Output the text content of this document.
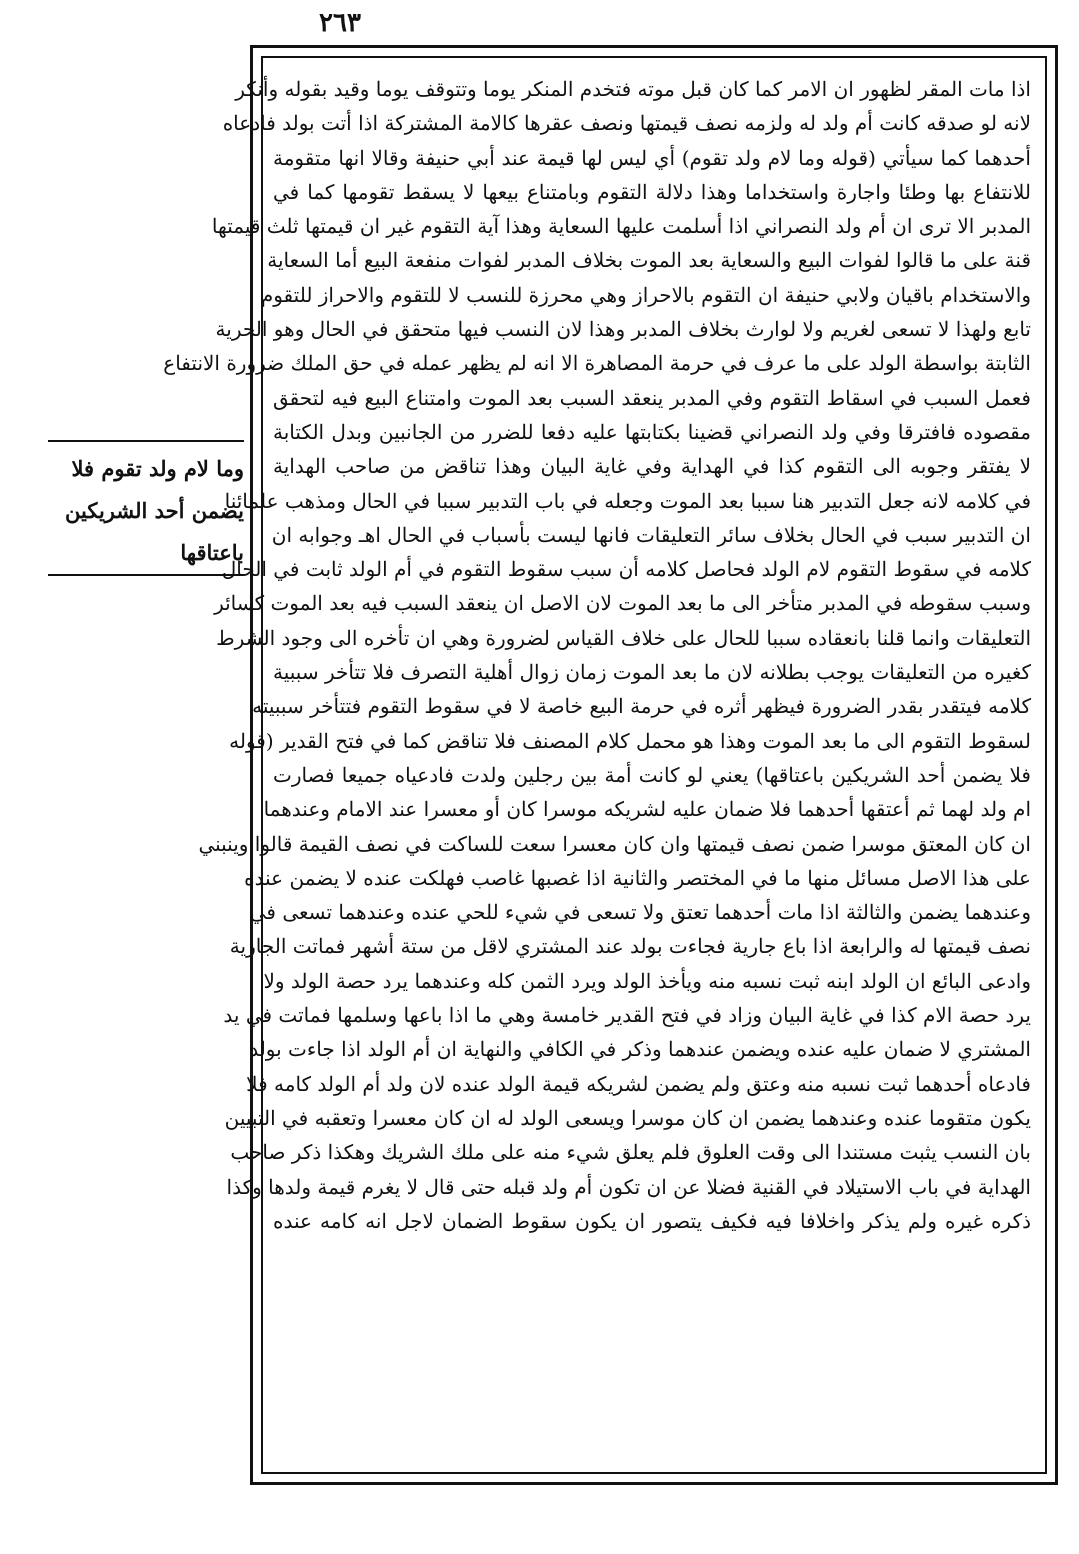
٢٦٣
وما لام ولد تقوم فلا
يضمن أحد الشريكين
باعتاقها
اذا مات المقر لظهور ان الامر كما كان قبل موته فتخدم المنكر يوما وتتوقف يوما وقيد بقوله وأنكر
لانه لو صدقه كانت أم ولد له ولزمه نصف قيمتها ونصف عقرها كالامة المشتركة اذا أتت بولد فادعاه
أحدهما كما سيأتي (قوله وما لام ولد تقوم) أي ليس لها قيمة عند أبي حنيفة وقالا انها متقومة
للانتفاع بها وطئا واجارة واستخداما وهذا دلالة التقوم وبامتناع بيعها لا يسقط تقومها كما في
المدبر الا ترى ان أم ولد النصراني اذا أسلمت عليها السعاية وهذا آية التقوم غير ان قيمتها ثلث قيمتها
قنة على ما قالوا لفوات البيع والسعاية بعد الموت بخلاف المدبر لفوات منفعة البيع أما السعاية
والاستخدام باقيان ولابي حنيفة ان التقوم بالاحراز وهي محرزة للنسب لا للتقوم والاحراز للتقوم
تابع ولهذا لا تسعى لغريم ولا لوارث بخلاف المدبر وهذا لان النسب فيها متحقق في الحال وهو الحرية
الثابتة بواسطة الولد على ما عرف في حرمة المصاهرة الا انه لم يظهر عمله في حق الملك ضرورة الانتفاع
فعمل السبب في اسقاط التقوم وفي المدبر ينعقد السبب بعد الموت وامتناع البيع فيه لتحقق
مقصوده فافترقا وفي ولد النصراني قضينا بكتابتها عليه دفعا للضرر من الجانبين وبدل الكتابة
لا يفتقر وجوبه الى التقوم كذا في الهداية وفي غاية البيان وهذا تناقض من صاحب الهداية
في كلامه لانه جعل التدبير هنا سببا بعد الموت وجعله في باب التدبير سببا في الحال ومذهب علمائنا
ان التدبير سبب في الحال بخلاف سائر التعليقات فانها ليست بأسباب في الحال اهـ وجوابه ان
كلامه في سقوط التقوم لام الولد فحاصل كلامه أن سبب سقوط التقوم في أم الولد ثابت في الحال
وسبب سقوطه في المدبر متأخر الى ما بعد الموت لان الاصل ان ينعقد السبب فيه بعد الموت كسائر
التعليقات وانما قلنا بانعقاده سببا للحال على خلاف القياس لضرورة وهي ان تأخره الى وجود الشرط
كغيره من التعليقات يوجب بطلانه لان ما بعد الموت زمان زوال أهلية التصرف فلا تتأخر سببية
كلامه فيتقدر بقدر الضرورة فيظهر أثره في حرمة البيع خاصة لا في سقوط التقوم فتتأخر سببيته
لسقوط التقوم الى ما بعد الموت وهذا هو محمل كلام المصنف فلا تناقض كما في فتح القدير (قوله
فلا يضمن أحد الشريكين باعتاقها) يعني لو كانت أمة بين رجلين ولدت فادعياه جميعا فصارت
ام ولد لهما ثم أعتقها أحدهما فلا ضمان عليه لشريكه موسرا كان أو معسرا عند الامام وعندهما
ان كان المعتق موسرا ضمن نصف قيمتها وان كان معسرا سعت للساكت في نصف القيمة قالوا وينبني
على هذا الاصل مسائل منها ما في المختصر والثانية اذا غصبها غاصب فهلكت عنده لا يضمن عنده
وعندهما يضمن والثالثة اذا مات أحدهما تعتق ولا تسعى في شيء للحي عنده وعندهما تسعى في
نصف قيمتها له والرابعة اذا باع جارية فجاءت بولد عند المشتري لاقل من ستة أشهر فماتت الجارية
وادعى البائع ان الولد ابنه ثبت نسبه منه ويأخذ الولد ويرد الثمن كله وعندهما يرد حصة الولد ولا
يرد حصة الام كذا في غاية البيان وزاد في فتح القدير خامسة وهي ما اذا باعها وسلمها فماتت في يد
المشتري لا ضمان عليه عنده ويضمن عندهما وذكر في الكافي والنهاية ان أم الولد اذا جاءت بولد
فادعاه أحدهما ثبت نسبه منه وعتق ولم يضمن لشريكه قيمة الولد عنده لان ولد أم الولد كامه فلا
يكون متقوما عنده وعندهما يضمن ان كان موسرا ويسعى الولد له ان كان معسرا وتعقبه في التبيين
بان النسب يثبت مستندا الى وقت العلوق فلم يعلق شيء منه على ملك الشريك وهكذا ذكر صاحب
الهداية في باب الاستيلاد في القنية فضلا عن ان تكون أم ولد قبله حتى قال لا يغرم قيمة ولدها وكذا
ذكره غيره ولم يذكر واخلافا فيه فكيف يتصور ان يكون سقوط الضمان لاجل انه كامه عنده
